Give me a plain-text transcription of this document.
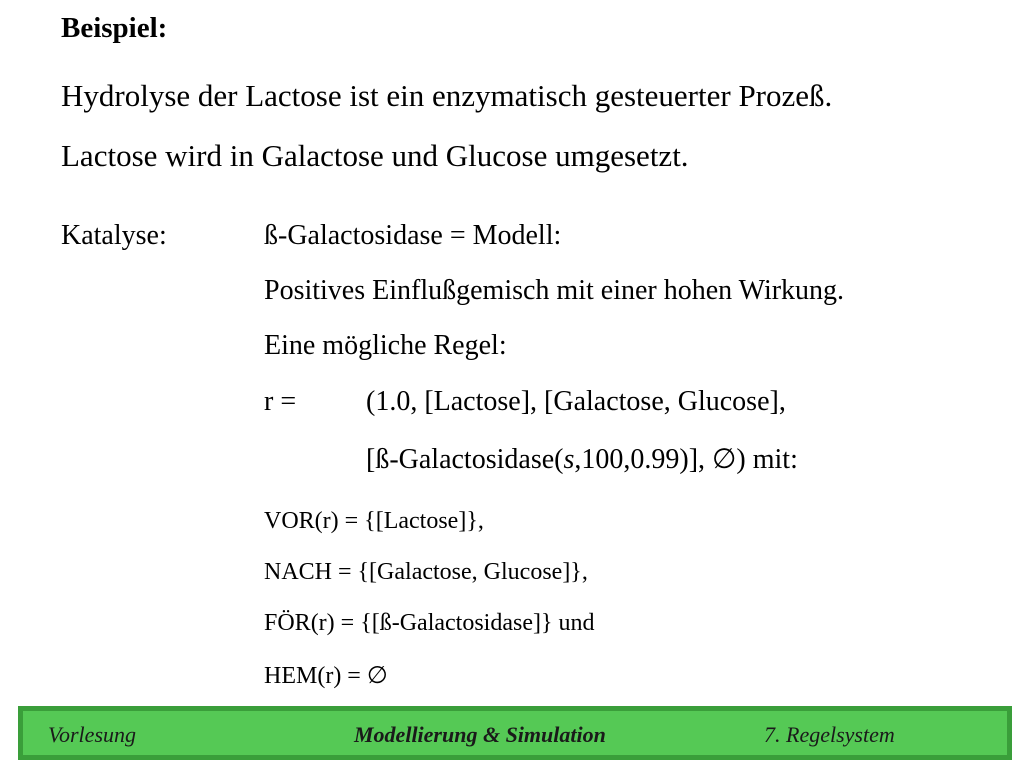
Beispiel:
Hydrolyse der Lactose ist ein enzymatisch gesteuerter Prozeß.
Lactose wird in Galactose und Glucose umgesetzt.
Katalyse:	ß-Galactosidase = Modell:
Positives Einflußgemisch mit einer hohen Wirkung.
Eine mögliche Regel:
r = (1.0, [Lactose], [Galactose, Glucose],
[ß-Galactosidase(s,100,0.99)], ∅) mit:
VOR(r) = {[Lactose]},
NACH = {[Galactose, Glucose]},
FÖR(r) = {[ß-Galactosidase]} und
HEM(r) = ∅
Vorlesung	Modellierung & Simulation	7. Regelsystem
